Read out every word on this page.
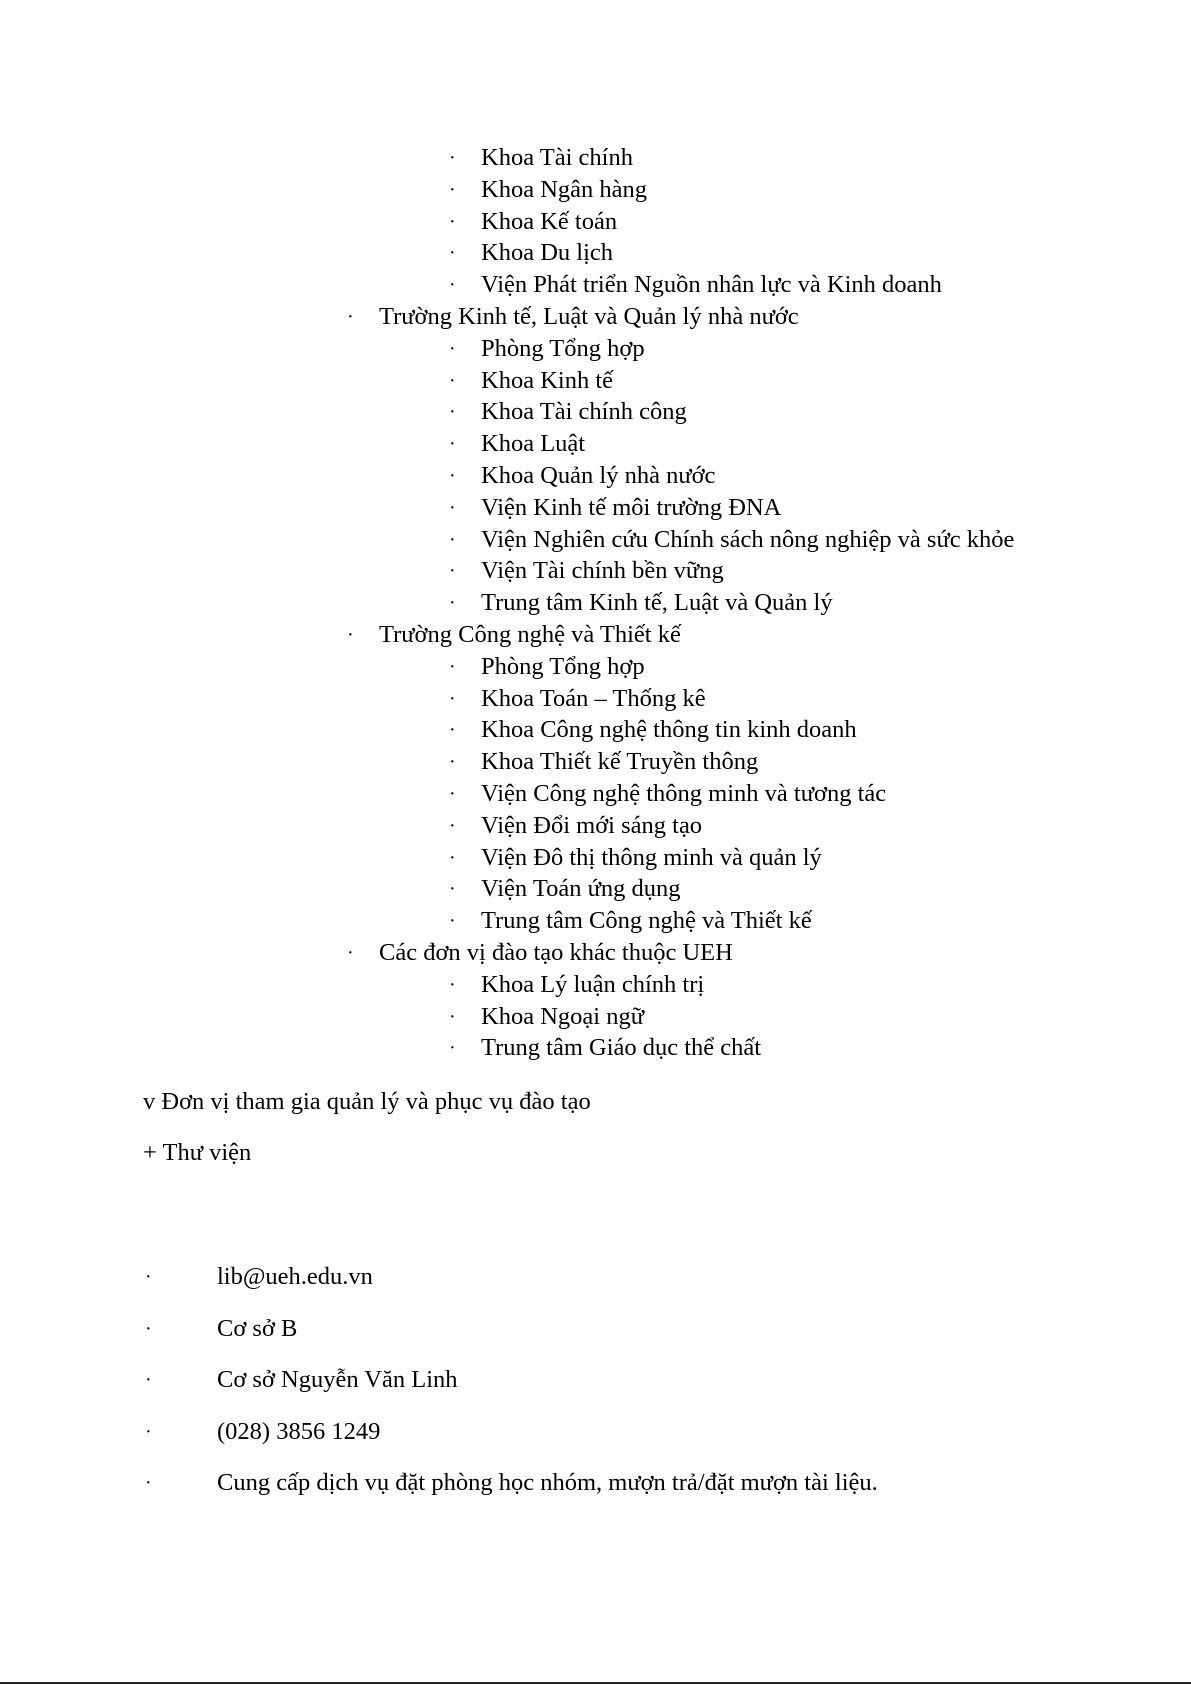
· Khoa Tài chính
· Khoa Ngân hàng
· Khoa Kế toán
· Khoa Du lịch
· Viện Phát triển Nguồn nhân lực và Kinh doanh
· Trường Kinh tế, Luật và Quản lý nhà nước
· Phòng Tổng hợp
· Khoa Kinh tế
· Khoa Tài chính công
· Khoa Luật
· Khoa Quản lý nhà nước
· Viện Kinh tế môi trường ĐNA
· Viện Nghiên cứu Chính sách nông nghiệp và sức khỏe
· Viện Tài chính bền vững
· Trung tâm Kinh tế, Luật và Quản lý
· Trường Công nghệ và Thiết kế
· Phòng Tổng hợp
· Khoa Toán – Thống kê
· Khoa Công nghệ thông tin kinh doanh
· Khoa Thiết kế Truyền thông
· Viện Công nghệ thông minh và tương tác
· Viện Đổi mới sáng tạo
· Viện Đô thị thông minh và quản lý
· Viện Toán ứng dụng
· Trung tâm Công nghệ và Thiết kế
· Các đơn vị đào tạo khác thuộc UEH
· Khoa Lý luận chính trị
· Khoa Ngoại ngữ
· Trung tâm Giáo dục thể chất
v Đơn vị tham gia quản lý và phục vụ đào tạo
+ Thư viện
·	lib@ueh.edu.vn
·	Cơ sở B
·	Cơ sở Nguyễn Văn Linh
·	(028) 3856 1249
·	Cung cấp dịch vụ đặt phòng học nhóm, mượn trả/đặt mượn tài liệu.
